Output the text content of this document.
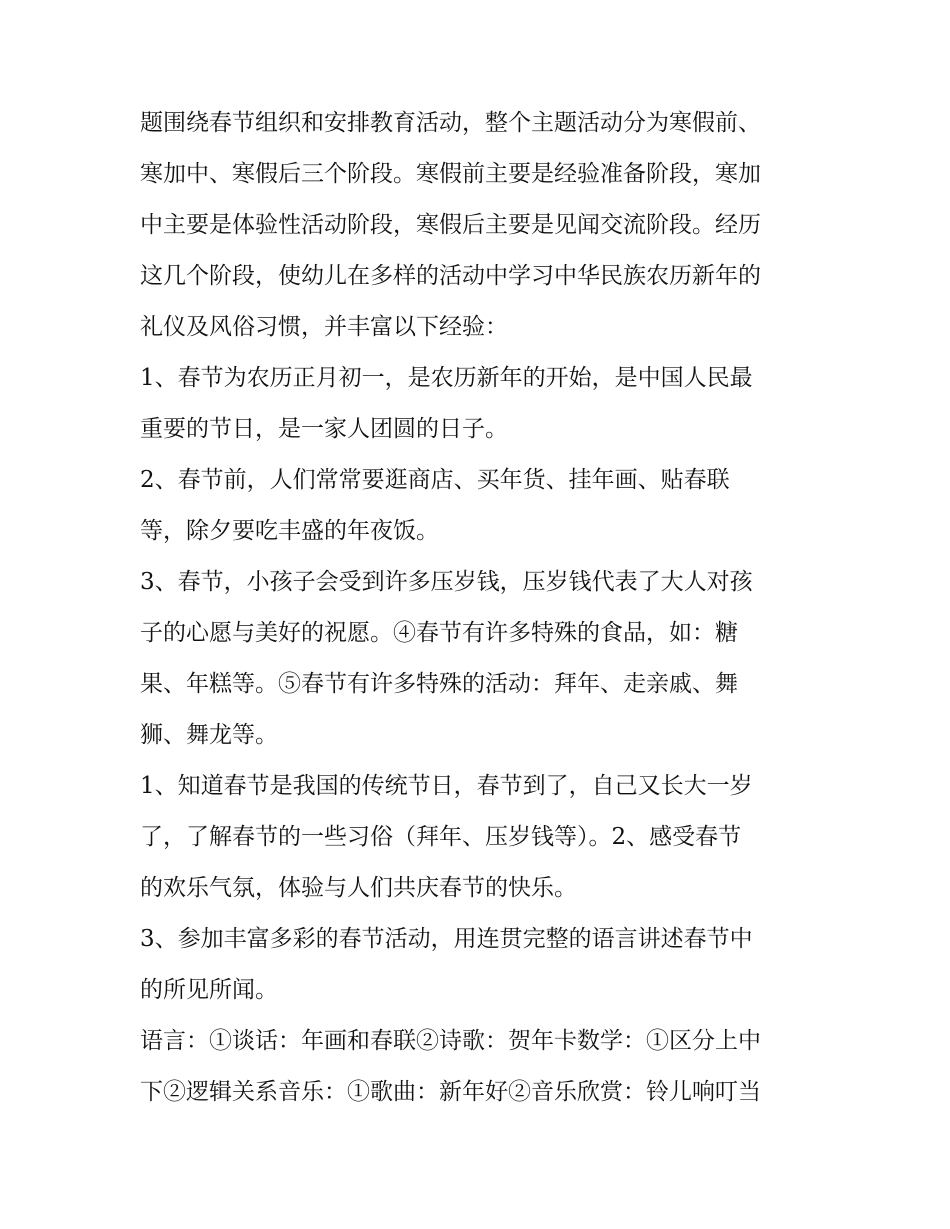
题围绕春节组织和安排教育活动，整个主题活动分为寒假前、
寒加中、寒假后三个阶段。寒假前主要是经验准备阶段，寒加
中主要是体验性活动阶段，寒假后主要是见闻交流阶段。经历
这几个阶段，使幼儿在多样的活动中学习中华民族农历新年的
礼仪及风俗习惯，并丰富以下经验：
1、春节为农历正月初一，是农历新年的开始，是中国人民最
重要的节日，是一家人团圆的日子。
2、春节前，人们常常要逛商店、买年货、挂年画、贴春联
等，除夕要吃丰盛的年夜饭。
3、春节，小孩子会受到许多压岁钱，压岁钱代表了大人对孩
子的心愿与美好的祝愿。④春节有许多特殊的食品，如：糖
果、年糕等。⑤春节有许多特殊的活动：拜年、走亲戚、舞
狮、舞龙等。
1、知道春节是我国的传统节日，春节到了，自己又长大一岁
了，了解春节的一些习俗（拜年、压岁钱等）。2、感受春节
的欢乐气氛，体验与人们共庆春节的快乐。
3、参加丰富多彩的春节活动，用连贯完整的语言讲述春节中
的所见所闻。
语言：①谈话：年画和春联②诗歌：贺年卡数学：①区分上中
下②逻辑关系音乐：①歌曲：新年好②音乐欣赏：铃儿响叮当
